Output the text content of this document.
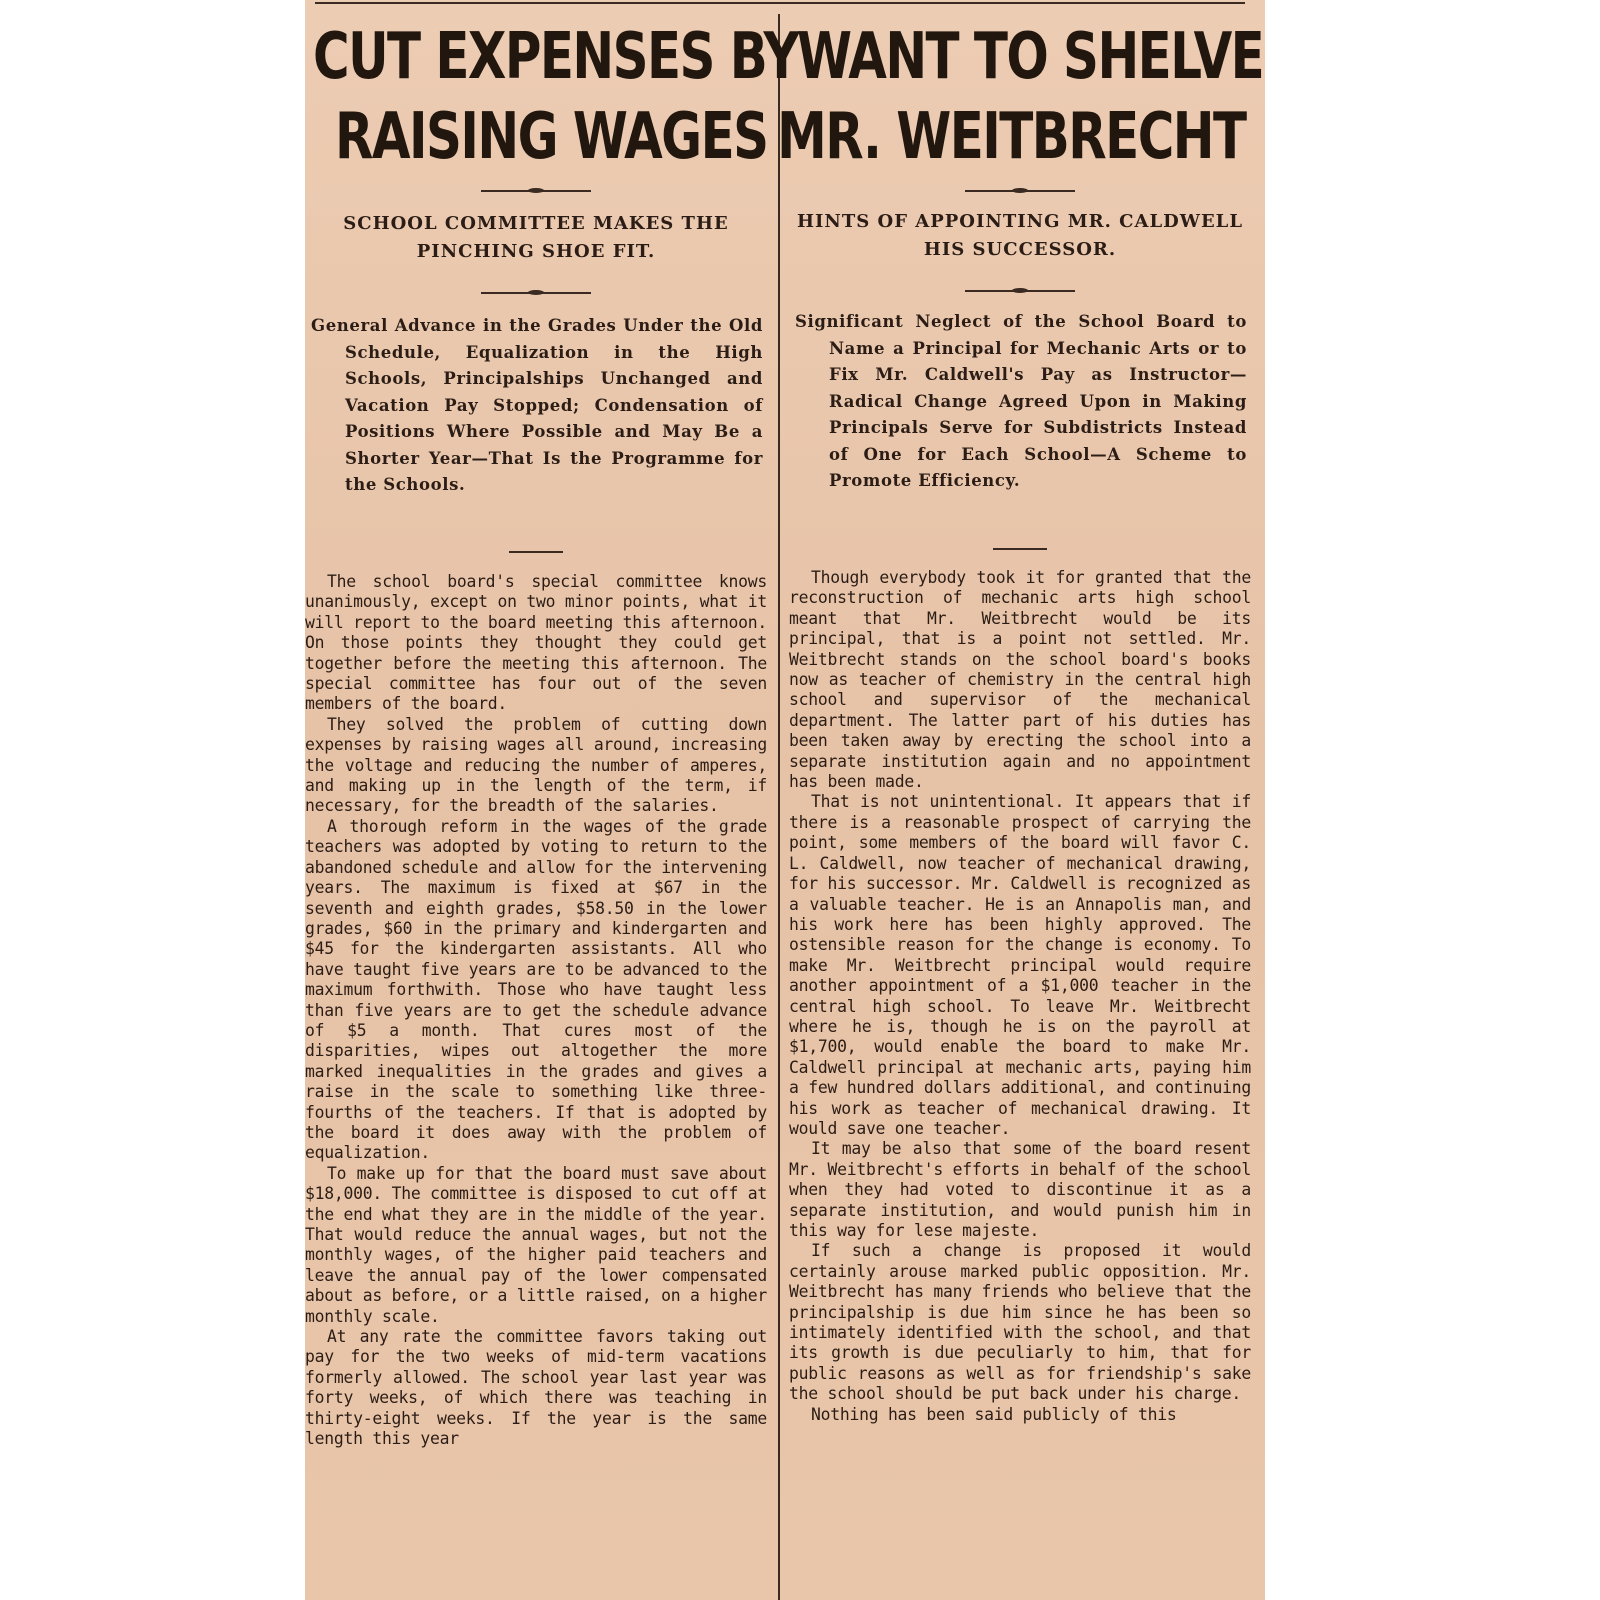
CUT EXPENSES BY
RAISING WAGES
SCHOOL COMMITTEE MAKES THE PINCHING SHOE FIT.
General Advance in the Grades Under the Old Schedule, Equalization in the High Schools, Principalships Unchanged and Vacation Pay Stopped; Condensation of Positions Where Possible and May Be a Shorter Year—That Is the Programme for the Schools.

The school board's special committee knows unanimously, except on two minor points, what it will report to the board meeting this afternoon. On those points they thought they could get together before the meeting this afternoon. The special committee has four out of the seven members of the board.

They solved the problem of cutting down expenses by raising wages all around, increasing the voltage and reducing the number of amperes, and making up in the length of the term, if necessary, for the breadth of the salaries.

A thorough reform in the wages of the grade teachers was adopted by voting to return to the abandoned schedule and allow for the intervening years. The maximum is fixed at $67 in the seventh and eighth grades, $58.50 in the lower grades, $60 in the primary and kindergarten and $45 for the kindergarten assistants. All who have taught five years are to be advanced to the maximum forthwith. Those who have taught less than five years are to get the schedule advance of $5 a month. That cures most of the disparities, wipes out altogether the more marked inequalities in the grades and gives a raise in the scale to something like three-fourths of the teachers. If that is adopted by the board it does away with the problem of equalization.

To make up for that the board must save about $18,000. The committee is disposed to cut off at the end what they are in the middle of the year. That would reduce the annual wages, but not the monthly wages, of the higher paid teachers and leave the annual pay of the lower compensated about as before, or a little raised, on a higher monthly scale.

At any rate the committee favors taking out pay for the two weeks of mid-term vacations formerly allowed. The school year last year was forty weeks, of which there was teaching in thirty-eight weeks. If the year is the same length this year

WANT TO SHELVE
MR. WEITBRECHT
HINTS OF APPOINTING MR. CALDWELL HIS SUCCESSOR.
Significant Neglect of the School Board to Name a Principal for Mechanic Arts or to Fix Mr. Caldwell's Pay as Instructor—Radical Change Agreed Upon in Making Principals Serve for Subdistricts Instead of One for Each School—A Scheme to Promote Efficiency.

Though everybody took it for granted that the reconstruction of mechanic arts high school meant that Mr. Weitbrecht would be its principal, that is a point not settled. Mr. Weitbrecht stands on the school board's books now as teacher of chemistry in the central high school and supervisor of the mechanical department. The latter part of his duties has been taken away by erecting the school into a separate institution again and no appointment has been made.

That is not unintentional. It appears that if there is a reasonable prospect of carrying the point, some members of the board will favor C. L. Caldwell, now teacher of mechanical drawing, for his successor. Mr. Caldwell is recognized as a valuable teacher. He is an Annapolis man, and his work here has been highly approved. The ostensible reason for the change is economy. To make Mr. Weitbrecht principal would require another appointment of a $1,000 teacher in the central high school. To leave Mr. Weitbrecht where he is, though he is on the payroll at $1,700, would enable the board to make Mr. Caldwell principal at mechanic arts, paying him a few hundred dollars additional, and continuing his work as teacher of mechanical drawing. It would save one teacher.

It may be also that some of the board resent Mr. Weitbrecht's efforts in behalf of the school when they had voted to discontinue it as a separate institution, and would punish him in this way for lese majeste.

If such a change is proposed it would certainly arouse marked public opposition. Mr. Weitbrecht has many friends who believe that the principalship is due him since he has been so intimately identified with the school, and that its growth is due peculiarly to him, that for public reasons as well as for friendship's sake the school should be put back under his charge.

Nothing has been said publicly of this
